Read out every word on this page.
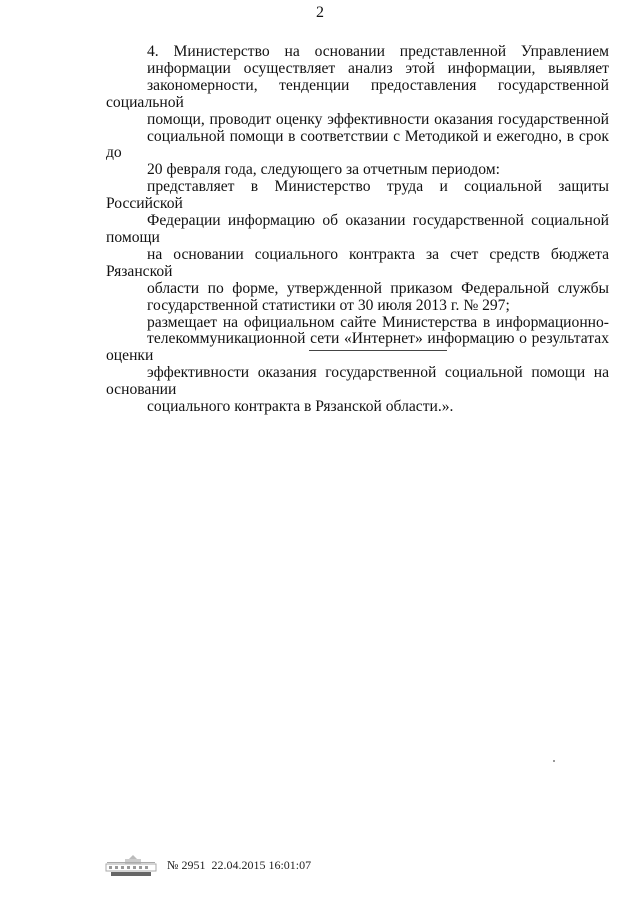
2

4. Министерство на основании представленной Управлением
информации осуществляет анализ этой информации, выявляет
закономерности, тенденции предоставления государственной социальной
помощи, проводит оценку эффективности оказания государственной
социальной помощи в соответствии с Методикой и ежегодно, в срок до
20 февраля года, следующего за отчетным периодом:

представляет в Министерство труда и социальной защиты Российской
Федерации информацию об оказании государственной социальной помощи
на основании социального контракта за счет средств бюджета Рязанской
области по форме, утвержденной приказом Федеральной службы
государственной статистики от 30 июля 2013 г. № 297;

размещает на официальном сайте Министерства в информационно-
телекоммуникационной сети «Интернет» информацию о результатах оценки
эффективности оказания государственной социальной помощи на основании
социального контракта в Рязанской области.».

№ 2951  22.04.2015 16:01:07
